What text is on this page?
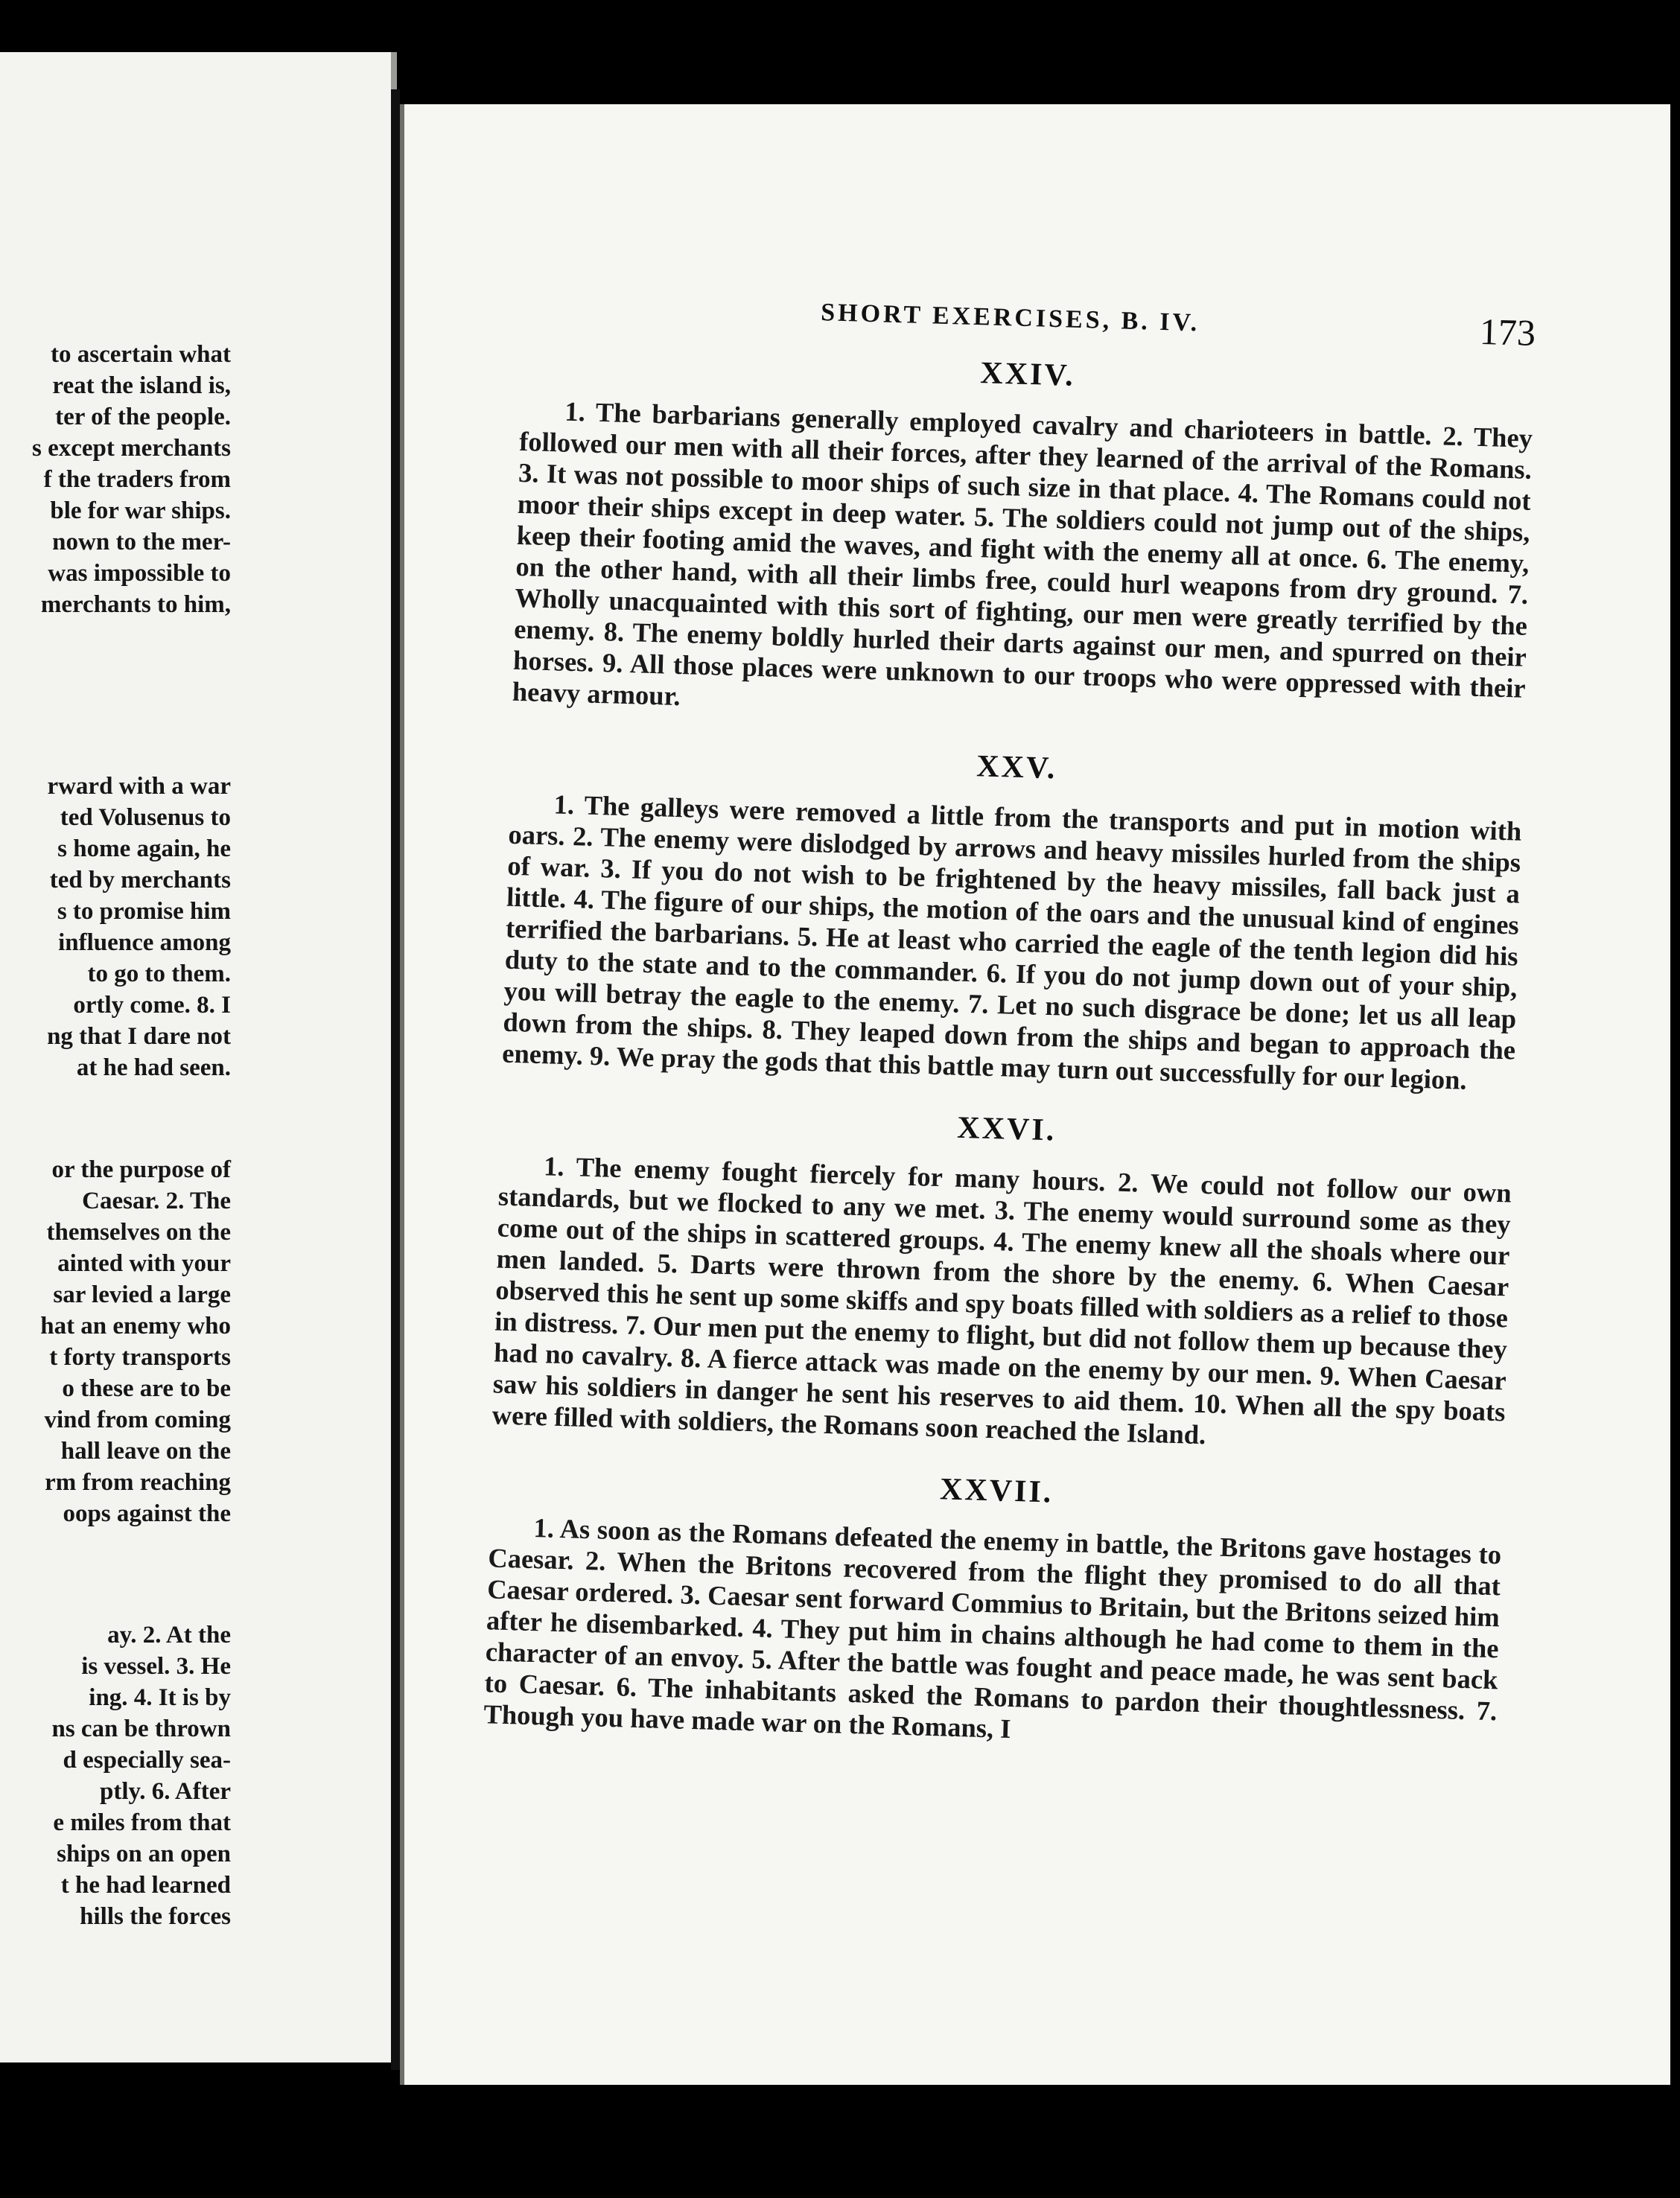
to ascertain what
reat the island is,
ter of the people.
s except merchants
f the traders from
ble for war ships.
nown to the mer-
was impossible to
merchants to him,
rward with a war
ted Volusenus to
s home again, he
ted by merchants
s to promise him
influence among
to go to them.
ortly come. 8. I
ng that I dare not
at he had seen.
or the purpose of
Caesar. 2. The
themselves on the
ainted with your
sar levied a large
hat an enemy who
t forty transports
o these are to be
vind from coming
hall leave on the
rm from reaching
oops against the
ay. 2. At the
is vessel. 3. He
ing. 4. It is by
ns can be thrown
d especially sea-
ptly. 6. After
e miles from that
ships on an open
t he had learned
hills the forces
SHORT EXERCISES, B. IV.	173
XXIV.

1. The barbarians generally employed cavalry and charioteers in battle. 2. They followed our men with all their forces, after they learned of the arrival of the Romans. 3. It was not possible to moor ships of such size in that place. 4. The Romans could not moor their ships except in deep water. 5. The soldiers could not jump out of the ships, keep their footing amid the waves, and fight with the enemy all at once. 6. The enemy, on the other hand, with all their limbs free, could hurl weapons from dry ground. 7. Wholly unacquainted with this sort of fighting, our men were greatly terrified by the enemy. 8. The enemy boldly hurled their darts against our men, and spurred on their horses. 9. All those places were unknown to our troops who were oppressed with their heavy armour.

XXV.

1. The galleys were removed a little from the transports and put in motion with oars. 2. The enemy were dislodged by arrows and heavy missiles hurled from the ships of war. 3. If you do not wish to be frightened by the heavy missiles, fall back just a little. 4. The figure of our ships, the motion of the oars and the unusual kind of engines terrified the barbarians. 5. He at least who carried the eagle of the tenth legion did his duty to the state and to the commander. 6. If you do not jump down out of your ship, you will betray the eagle to the enemy. 7. Let no such disgrace be done; let us all leap down from the ships. 8. They leaped down from the ships and began to approach the enemy. 9. We pray the gods that this battle may turn out successfully for our legion.

XXVI.

1. The enemy fought fiercely for many hours. 2. We could not follow our own standards, but we flocked to any we met. 3. The enemy would surround some as they come out of the ships in scattered groups. 4. The enemy knew all the shoals where our men landed. 5. Darts were thrown from the shore by the enemy. 6. When Caesar observed this he sent up some skiffs and spy boats filled with soldiers as a relief to those in distress. 7. Our men put the enemy to flight, but did not follow them up because they had no cavalry. 8. A fierce attack was made on the enemy by our men. 9. When Caesar saw his soldiers in danger he sent his reserves to aid them. 10. When all the spy boats were filled with soldiers, the Romans soon reached the Island.

XXVII.

1. As soon as the Romans defeated the enemy in battle, the Britons gave hostages to Caesar. 2. When the Britons recovered from the flight they promised to do all that Caesar ordered. 3. Caesar sent forward Commius to Britain, but the Britons seized him after he disembarked. 4. They put him in chains although he had come to them in the character of an envoy. 5. After the battle was fought and peace made, he was sent back to Caesar. 6. The inhabitants asked the Romans to pardon their thoughtlessness. 7. Though you have made war on the Romans, I
